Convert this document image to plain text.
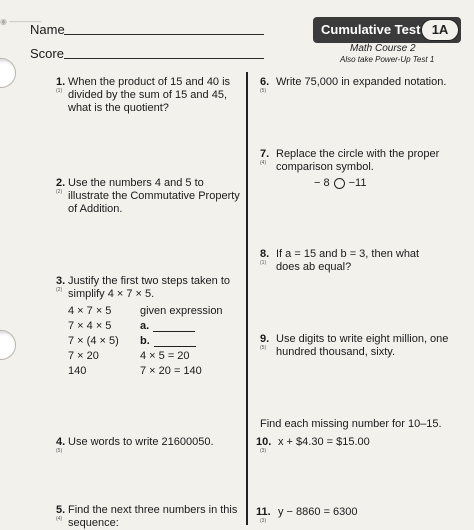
◉ ————
Name
Score
Cumulative Test 1A
Math Course 2
Also take Power-Up Test 1
1.
(1)
When the product of 15 and 40 is
divided by the sum of 15 and 45,
what is the quotient?
2.
(2)
Use the numbers 4 and 5 to
illustrate the Commutative Property
of Addition.
3.
(2)
Justify the first two steps taken to
simplify 4 × 7 × 5.
4 × 7 × 5	given expression
7 × 4 × 5	a.
7 × (4 × 5) b.
7 × 20	4 × 5 = 20
140	7 × 20 = 140
4.
(5)
Use words to write 21600050.
5.
(4)
Find the next three numbers in this
sequence:
6.
(5)
Write 75,000 in expanded notation.
7.
(4)
Replace the circle with the proper
comparison symbol.
− 8 −11
8.
(1)
If a = 15 and b = 3, then what
does ab equal?
9.
(5)
Use digits to write eight million, one
hundred thousand, sixty.
Find each missing number for 10–15.
10.
(3)
x + $4.30 = $15.00
11.
(3)
y − 8860 = 6300
